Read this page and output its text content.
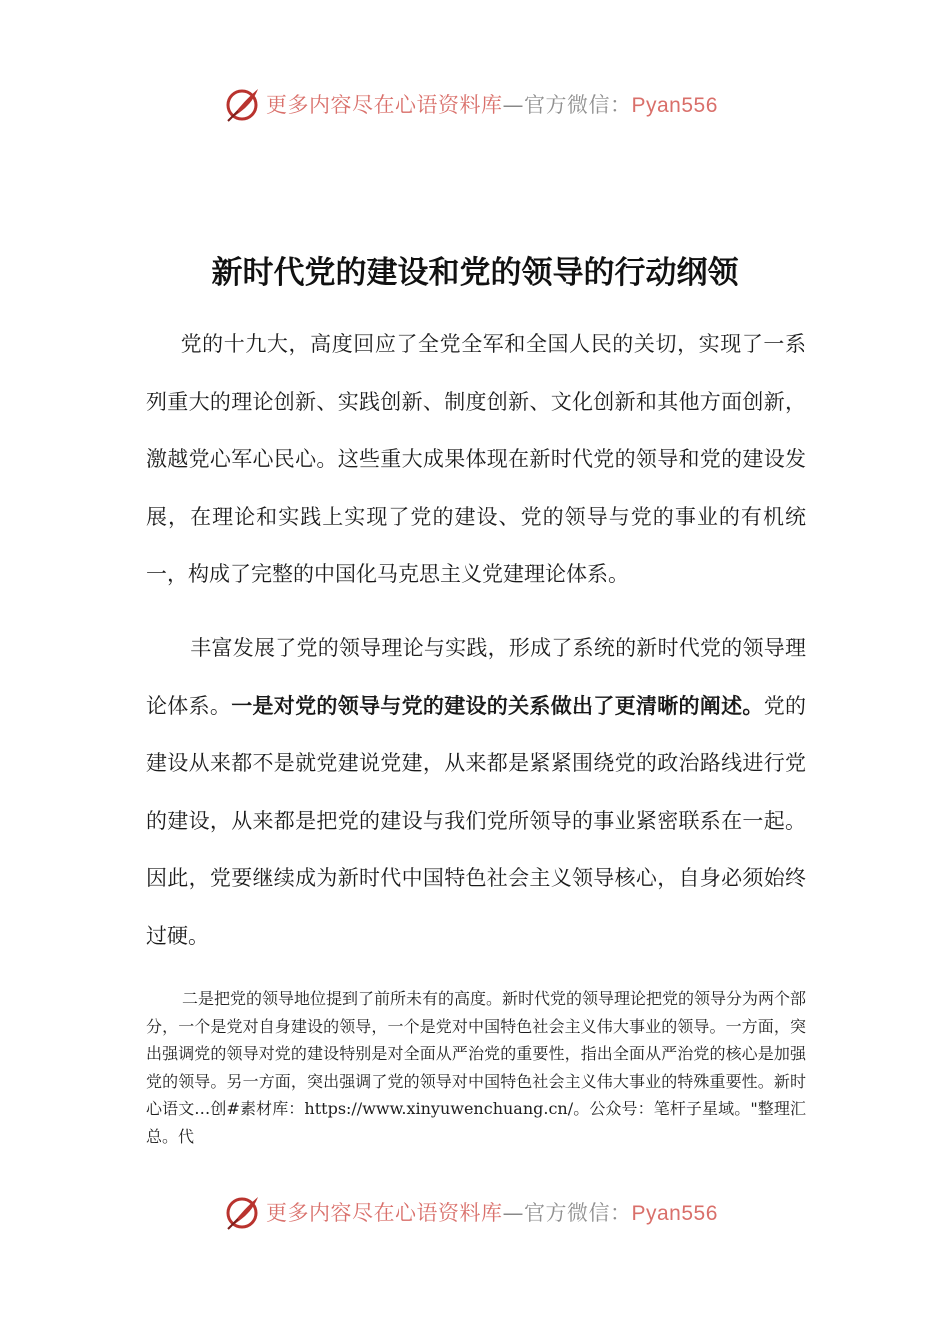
更多内容尽在心语资料库—官方微信：Pyan556
新时代党的建设和党的领导的行动纲领

党的十九大，高度回应了全党全军和全国人民的关切，实现了一系列重大的理论创新、实践创新、制度创新、文化创新和其他方面创新，激越党心军心民心。这些重大成果体现在新时代党的领导和党的建设发展，在理论和实践上实现了党的建设、党的领导与党的事业的有机统一，构成了完整的中国化马克思主义党建理论体系。

丰富发展了党的领导理论与实践，形成了系统的新时代党的领导理论体系。一是对党的领导与党的建设的关系做出了更清晰的阐述。党的建设从来都不是就党建说党建，从来都是紧紧围绕党的政治路线进行党的建设，从来都是把党的建设与我们党所领导的事业紧密联系在一起。因此，党要继续成为新时代中国特色社会主义领导核心，自身必须始终过硬。

二是把党的领导地位提到了前所未有的高度。新时代党的领导理论把党的领导分为两个部分，一个是党对自身建设的领导，一个是党对中国特色社会主义伟大事业的领导。一方面，突出强调党的领导对党的建设特别是对全面从严治党的重要性，指出全面从严治党的核心是加强党的领导。另一方面，突出强调了党的领导对中国特色社会主义伟大事业的特殊重要性。新时心语文…创#素材库：https://www.xinyuwenchuang.cn/。公众号：笔杆子星域。"整理汇总。代

更多内容尽在心语资料库—官方微信：Pyan556
